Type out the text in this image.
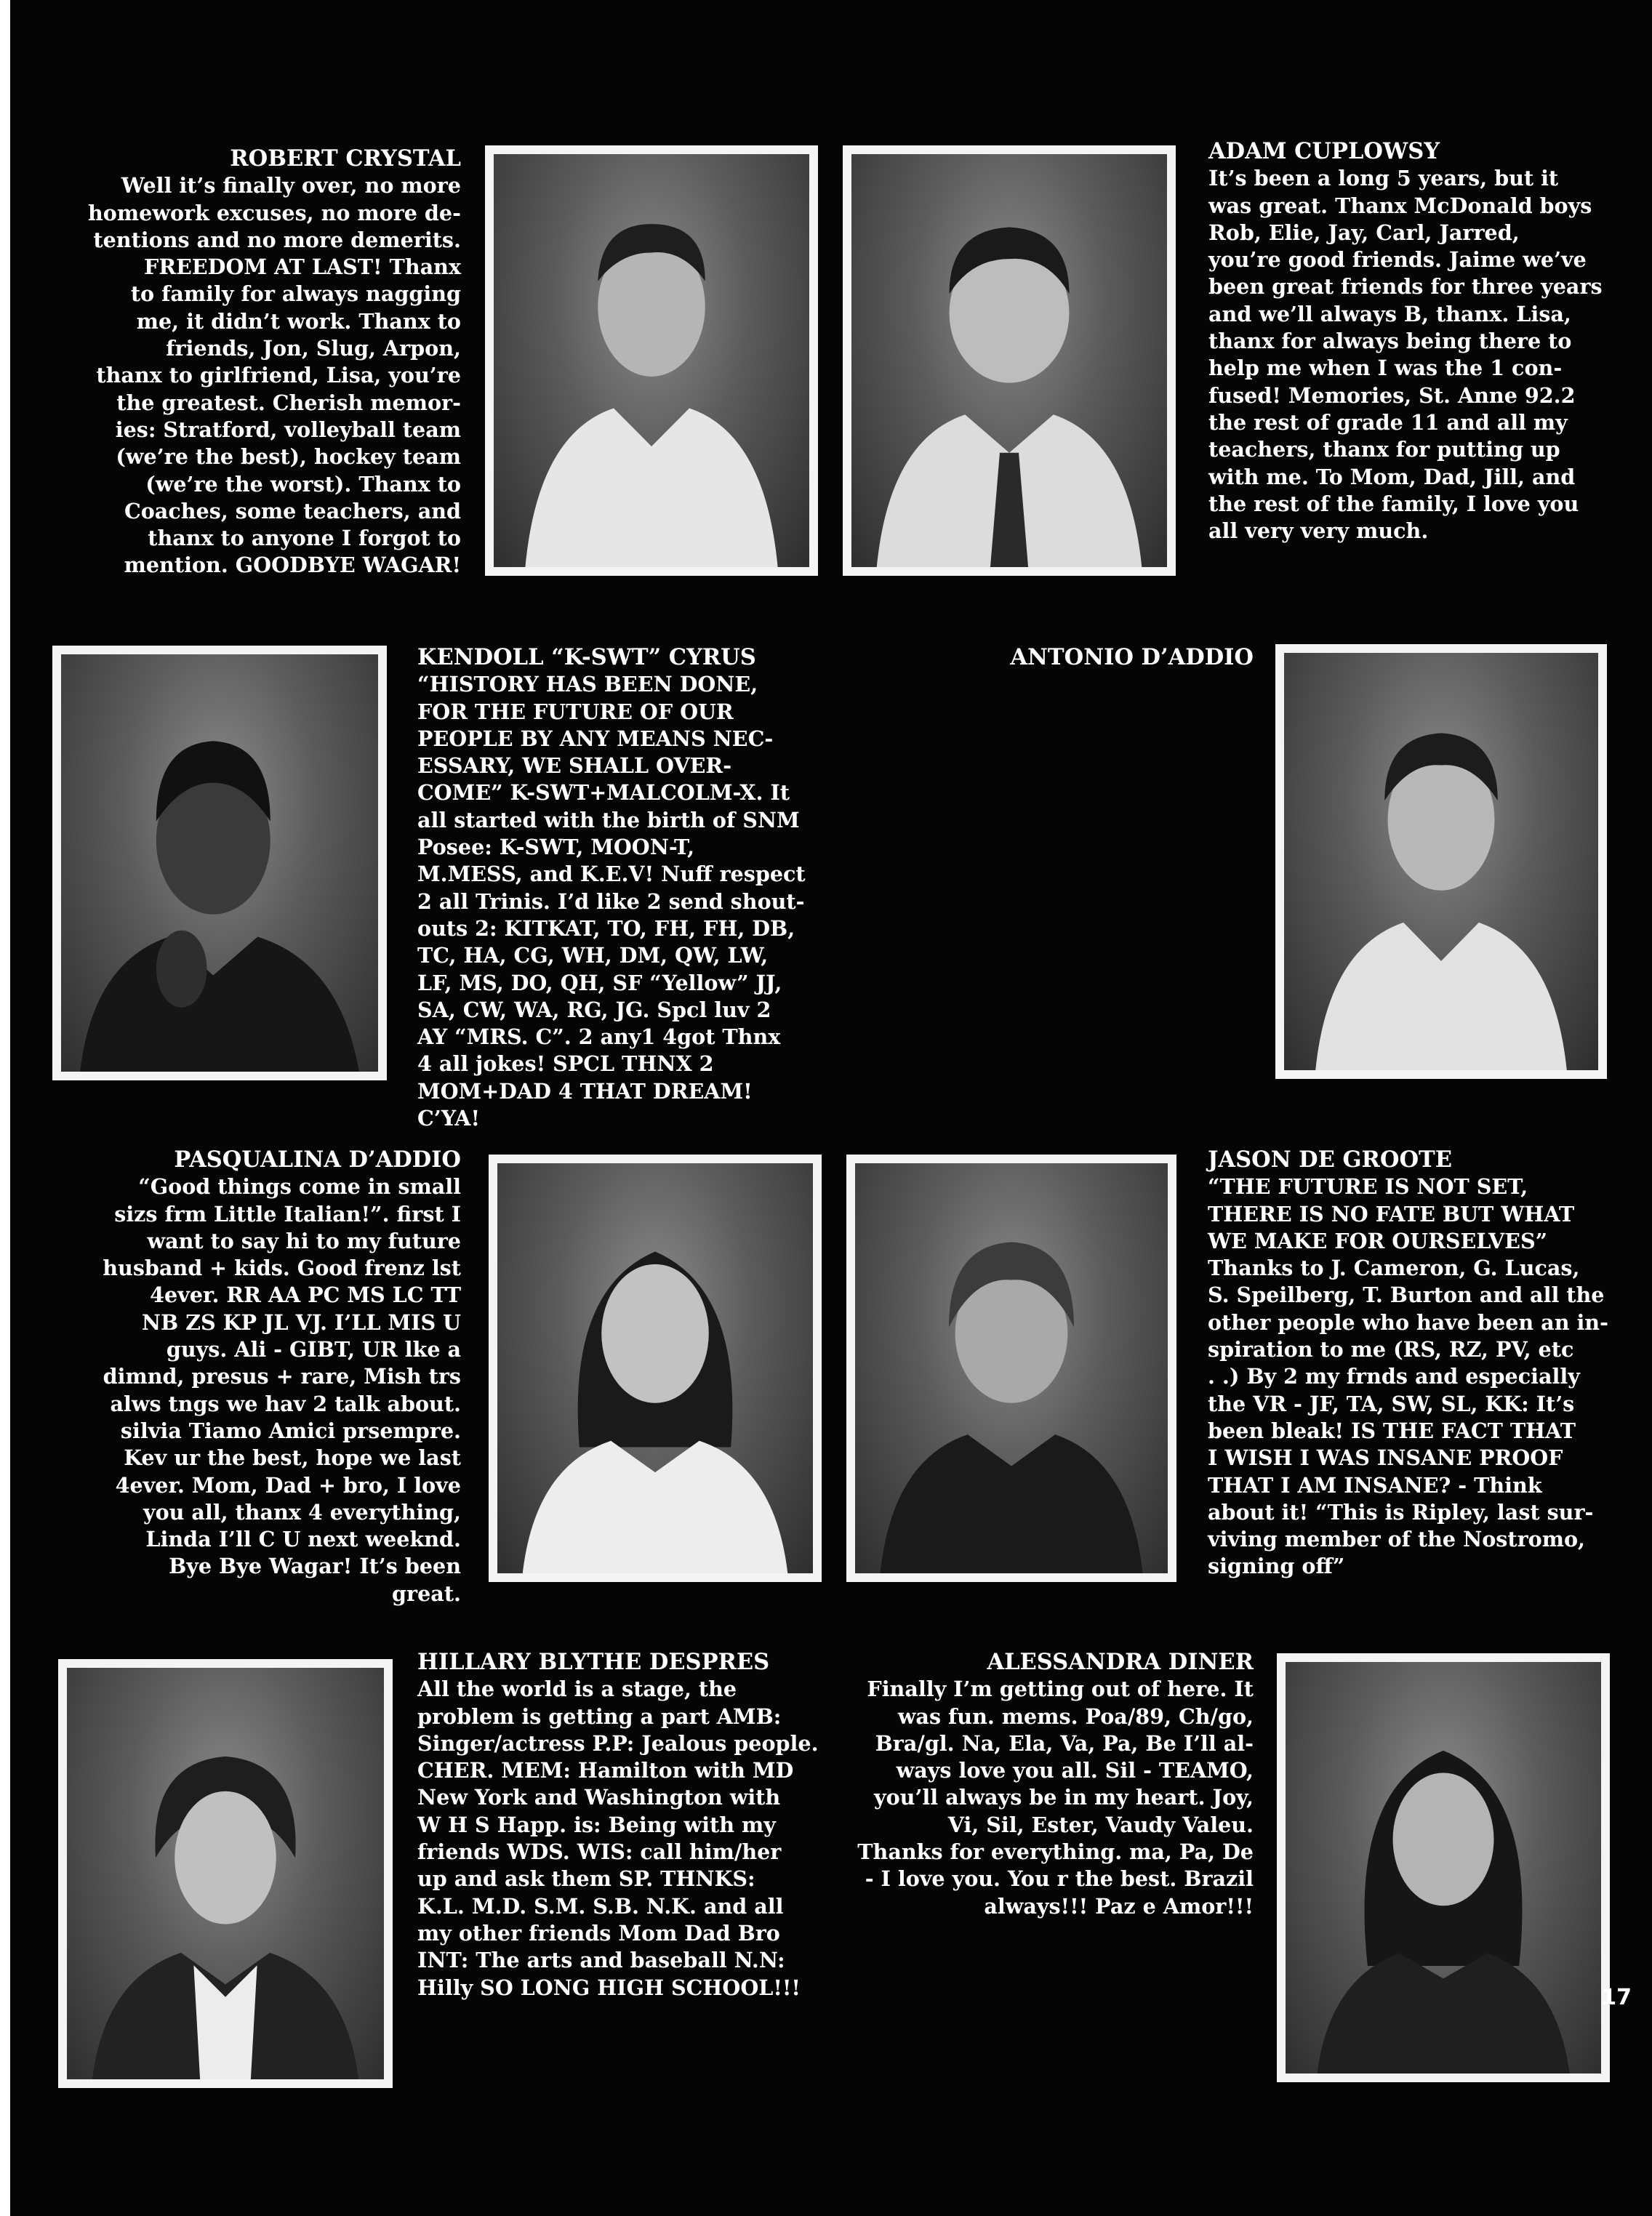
ROBERT CRYSTAL
Well it’s finally over, no more
homework excuses, no more de-
tentions and no more demerits.
FREEDOM AT LAST! Thanx
to family for always nagging
me, it didn’t work. Thanx to
friends, Jon, Slug, Arpon,
thanx to girlfriend, Lisa, you’re
the greatest. Cherish memor-
ies: Stratford, volleyball team
(we’re the best), hockey team
(we’re the worst). Thanx to
Coaches, some teachers, and
thanx to anyone I forgot to
mention. GOODBYE WAGAR!
ADAM CUPLOWSY
It’s been a long 5 years, but it
was great. Thanx McDonald boys
Rob, Elie, Jay, Carl, Jarred,
you’re good friends. Jaime we’ve
been great friends for three years
and we’ll always B, thanx. Lisa,
thanx for always being there to
help me when I was the 1 con-
fused! Memories, St. Anne 92.2
the rest of grade 11 and all my
teachers, thanx for putting up
with me. To Mom, Dad, Jill, and
the rest of the family, I love you
all very very much.
KENDOLL “K-SWT” CYRUS
“HISTORY HAS BEEN DONE,
FOR THE FUTURE OF OUR
PEOPLE BY ANY MEANS NEC-
ESSARY, WE SHALL OVER-
COME” K-SWT+MALCOLM-X. It
all started with the birth of SNM
Posee: K-SWT, MOON-T,
M.MESS, and K.E.V! Nuff respect
2 all Trinis. I’d like 2 send shout-
outs 2: KITKAT, TO, FH, FH, DB,
TC, HA, CG, WH, DM, QW, LW,
LF, MS, DO, QH, SF “Yellow” JJ,
SA, CW, WA, RG, JG. Spcl luv 2
AY “MRS. C”. 2 any1 4got Thnx
4 all jokes! SPCL THNX 2
MOM+DAD 4 THAT DREAM!
C’YA!
ANTONIO D’ADDIO
PASQUALINA D’ADDIO
“Good things come in small
sizs frm Little Italian!”. first I
want to say hi to my future
husband + kids. Good frenz lst
4ever. RR AA PC MS LC TT
NB ZS KP JL VJ. I’LL MIS U
guys. Ali - GIBT, UR lke a
dimnd, presus + rare, Mish trs
alws tngs we hav 2 talk about.
silvia Tiamo Amici prsempre.
Kev ur the best, hope we last
4ever. Mom, Dad + bro, I love
you all, thanx 4 everything,
Linda I’ll C U next weeknd.
Bye Bye Wagar! It’s been
great.
JASON DE GROOTE
“THE FUTURE IS NOT SET,
THERE IS NO FATE BUT WHAT
WE MAKE FOR OURSELVES”
Thanks to J. Cameron, G. Lucas,
S. Speilberg, T. Burton and all the
other people who have been an in-
spiration to me (RS, RZ, PV, etc
. .) By 2 my frnds and especially
the VR - JF, TA, SW, SL, KK: It’s
been bleak! IS THE FACT THAT
I WISH I WAS INSANE PROOF
THAT I AM INSANE? - Think
about it! “This is Ripley, last sur-
viving member of the Nostromo,
signing off”
HILLARY BLYTHE DESPRES
All the world is a stage, the
problem is getting a part AMB:
Singer/actress P.P: Jealous people.
CHER. MEM: Hamilton with MD
New York and Washington with
W H S Happ. is: Being with my
friends WDS. WIS: call him/her
up and ask them SP. THNKS:
K.L. M.D. S.M. S.B. N.K. and all
my other friends Mom Dad Bro
INT: The arts and baseball N.N:
Hilly SO LONG HIGH SCHOOL!!!
ALESSANDRA DINER
Finally I’m getting out of here. It
was fun. mems. Poa/89, Ch/go,
Bra/gl. Na, Ela, Va, Pa, Be I’ll al-
ways love you all. Sil - TEAMO,
you’ll always be in my heart. Joy,
Vi, Sil, Ester, Vaudy Valeu.
Thanks for everything. ma, Pa, De
- I love you. You r the best. Brazil
always!!! Paz e Amor!!!
17
